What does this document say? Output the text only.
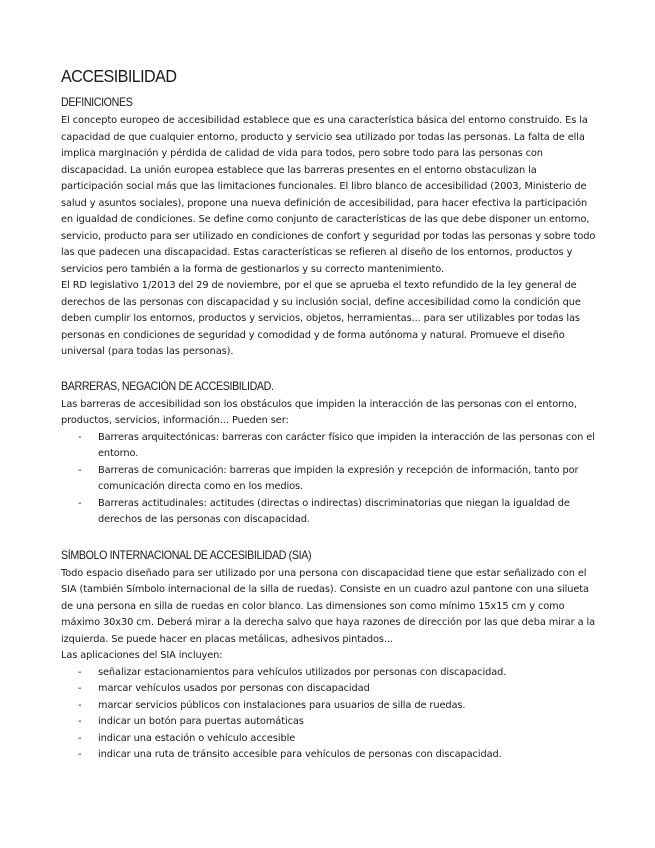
ACCESIBILIDAD
DEFINICIONES

El concepto europeo de accesibilidad establece que es una característica básica del entorno construido. Es la capacidad de que cualquier entorno, producto y servicio sea utilizado por todas las personas. La falta de ella implica marginación y pérdida de calidad de vida para todos, pero sobre todo para las personas con discapacidad. La unión europea establece que las barreras presentes en el entorno obstaculizan la participación social más que las limitaciones funcionales. El libro blanco de accesibilidad (2003, Ministerio de salud y asuntos sociales), propone una nueva definición de accesibilidad, para hacer efectiva la participación en igualdad de condiciones. Se define como conjunto de características de las que debe disponer un entorno, servicio, producto para ser utilizado en condiciones de confort y seguridad por todas las personas y sobre todo las que padecen una discapacidad. Estas características se refieren al diseño de los entornos, productos y servicios pero también a la forma de gestionarlos y su correcto mantenimiento.

El RD legislativo 1/2013 del 29 de noviembre, por el que se aprueba el texto refundido de la ley general de derechos de las personas con discapacidad y su inclusión social, define accesibilidad como la condición que deben cumplir los entornos, productos y servicios, objetos, herramientas... para ser utilizables por todas las personas en condiciones de seguridad y comodidad y de forma autónoma y natural. Promueve el diseño universal (para todas las personas).

BARRERAS, NEGACIÓN DE ACCESIBILIDAD.

Las barreras de accesibilidad son los obstáculos que impiden la interacción de las personas con el entorno, productos, servicios, información... Pueden ser:

- Barreras arquitectónicas: barreras con carácter físico que impiden la interacción de las personas con el entorno.
- Barreras de comunicación: barreras que impiden la expresión y recepción de información, tanto por comunicación directa como en los medios.
- Barreras actitudinales: actitudes (directas o indirectas) discriminatorias que niegan la igualdad de derechos de las personas con discapacidad.
SÍMBOLO INTERNACIONAL DE ACCESIBILIDAD (SIA)

Todo espacio diseñado para ser utilizado por una persona con discapacidad tiene que estar señalizado con el SIA (también Símbolo internacional de la silla de ruedas). Consiste en un cuadro azul pantone con una silueta de una persona en silla de ruedas en color blanco. Las dimensiones son como mínimo 15x15 cm y como máximo 30x30 cm. Deberá mirar a la derecha salvo que haya razones de dirección por las que deba mirar a la izquierda. Se puede hacer en placas metálicas, adhesivos pintados...

Las aplicaciones del SIA incluyen:

- señalizar estacionamientos para vehículos utilizados por personas con discapacidad.
- marcar vehículos usados por personas con discapacidad
- marcar servicios públicos con instalaciones para usuarios de silla de ruedas.
- indicar un botón para puertas automáticas
- indicar una estación o vehículo accesible
- indicar una ruta de tránsito accesible para vehículos de personas con discapacidad.
